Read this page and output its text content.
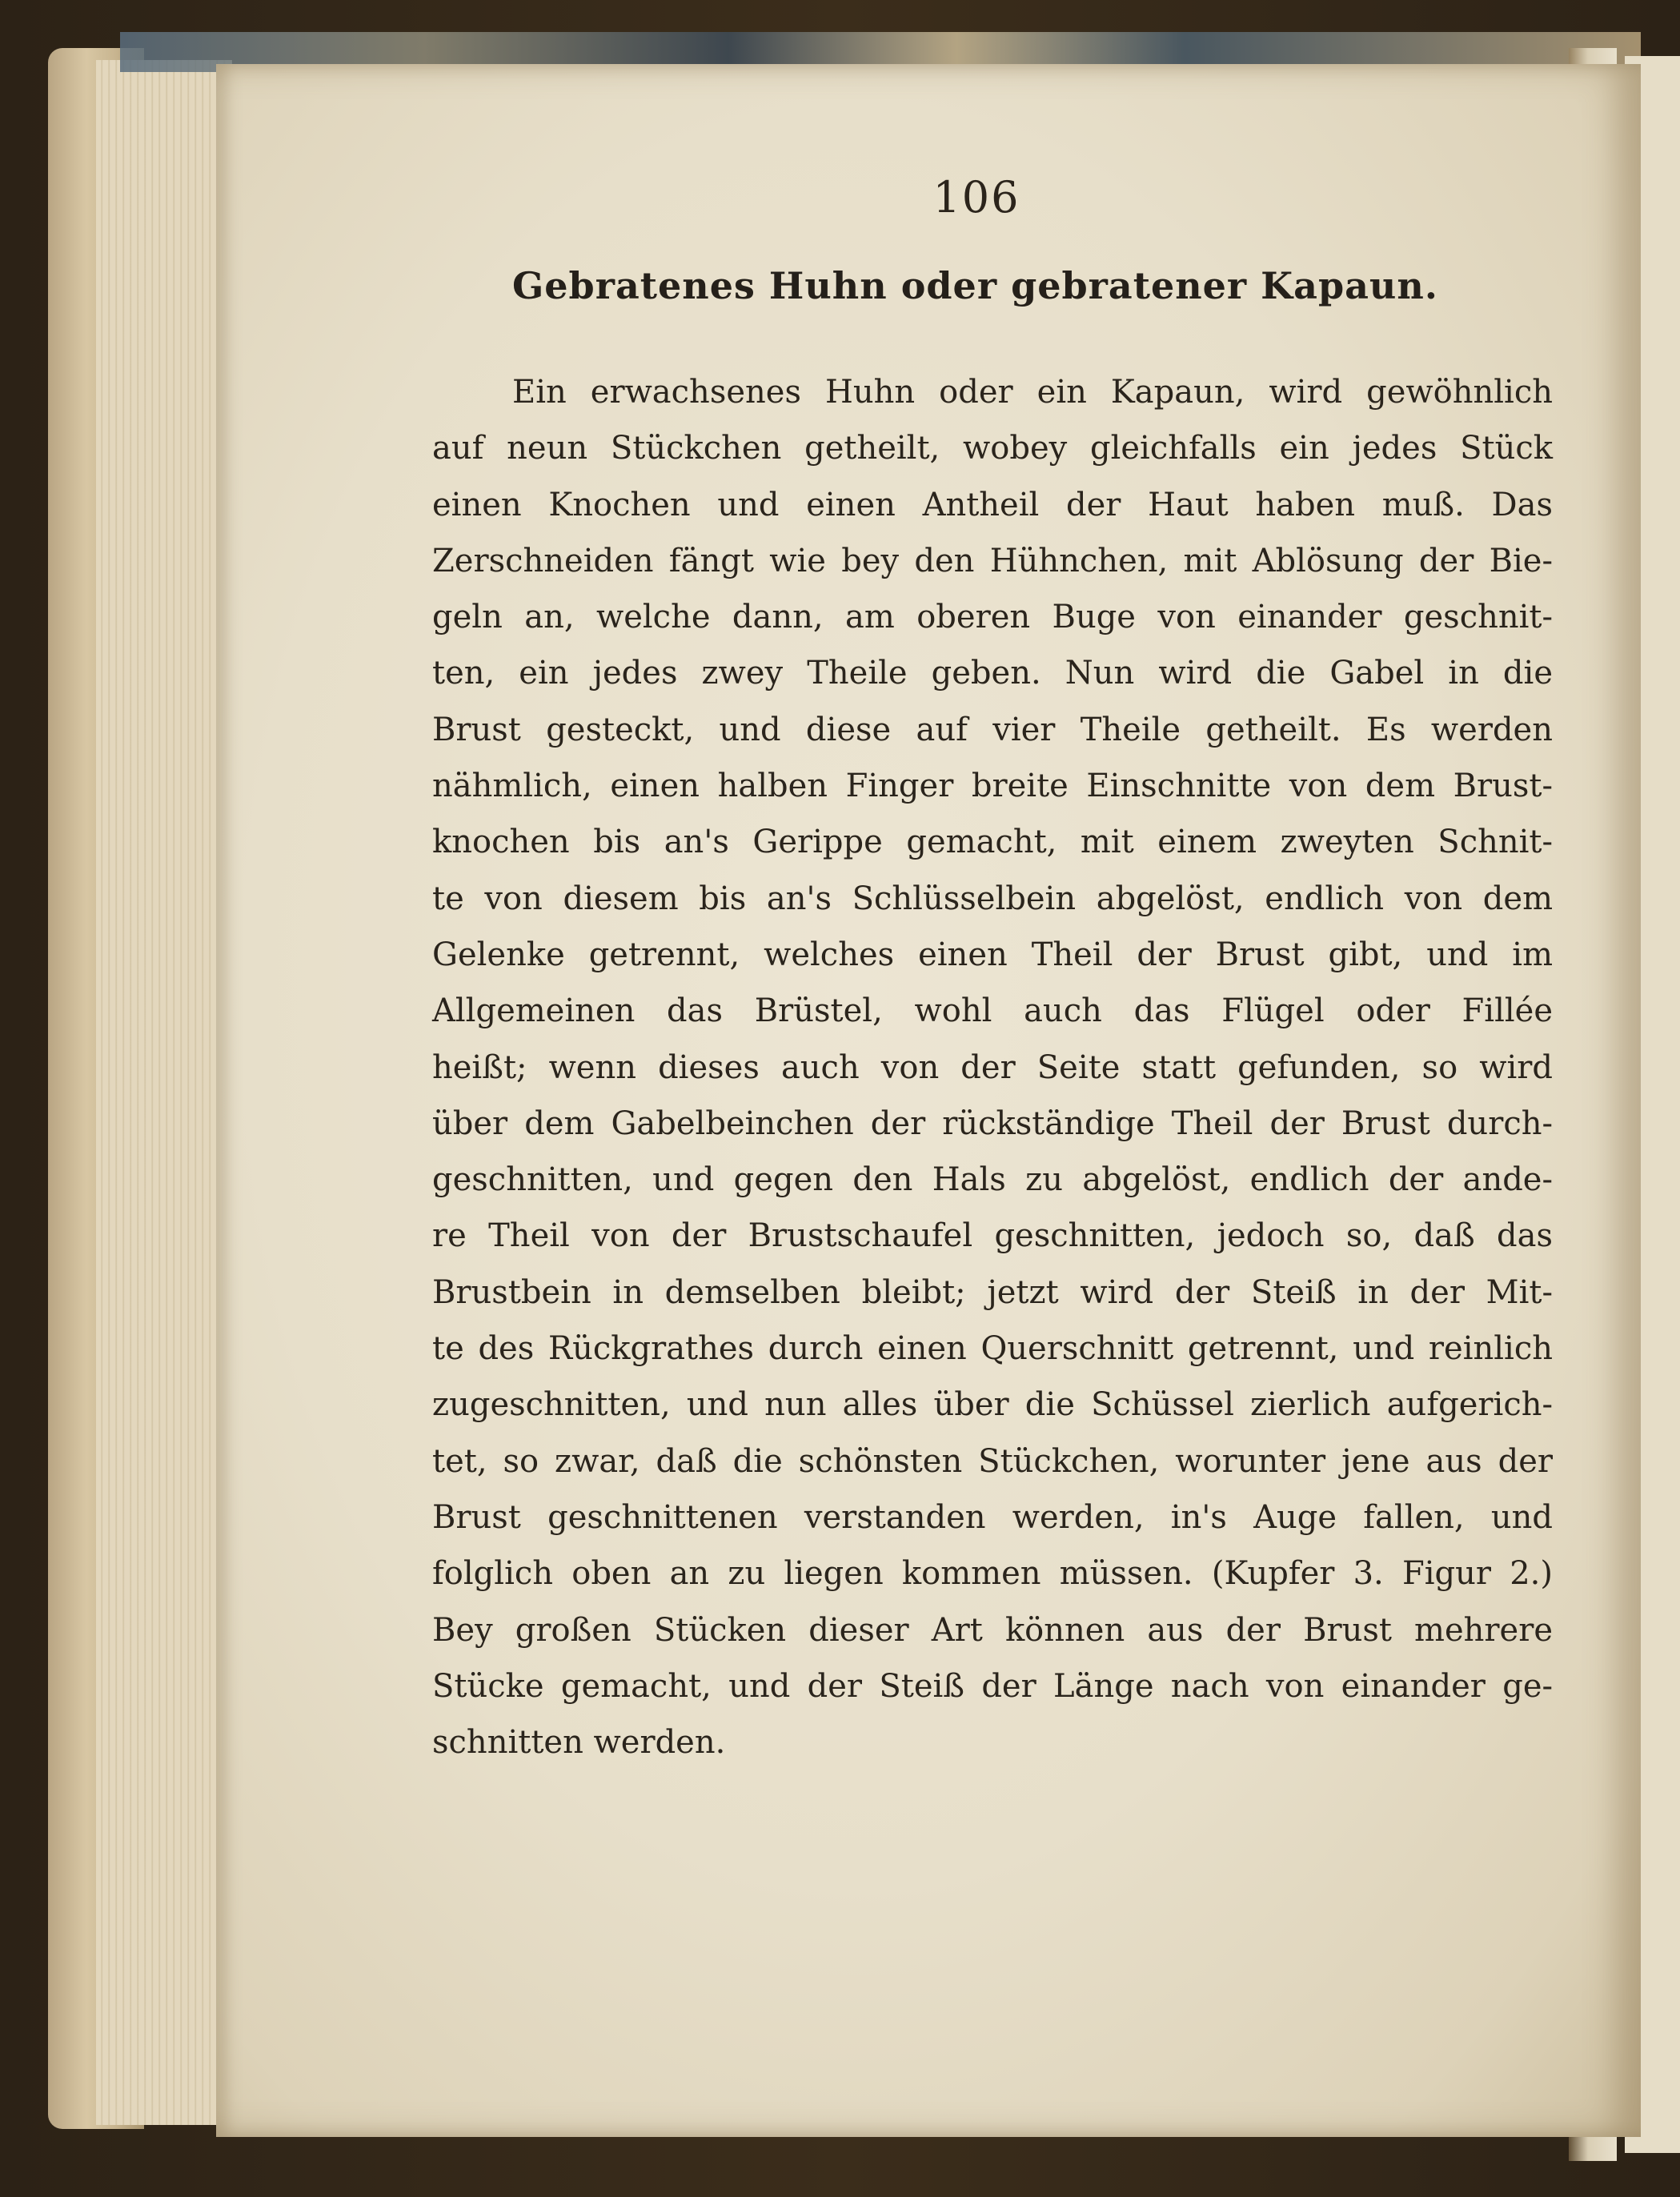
106
Gebratenes Huhn oder gebratener Kapaun.
Ein erwachsenes Huhn oder ein Kapaun, wird gewöhnlich
auf neun Stückchen getheilt, wobey gleichfalls ein jedes Stück
einen Knochen und einen Antheil der Haut haben muß. Das
Zerschneiden fängt wie bey den Hühnchen, mit Ablösung der Bie-
geln an, welche dann, am oberen Buge von einander geschnit-
ten, ein jedes zwey Theile geben. Nun wird die Gabel in die
Brust gesteckt, und diese auf vier Theile getheilt. Es werden
nähmlich, einen halben Finger breite Einschnitte von dem Brust-
knochen bis an's Gerippe gemacht, mit einem zweyten Schnit-
te von diesem bis an's Schlüsselbein abgelöst, endlich von dem
Gelenke getrennt, welches einen Theil der Brust gibt, und im
Allgemeinen das Brüstel, wohl auch das Flügel oder Fillée
heißt; wenn dieses auch von der Seite statt gefunden, so wird
über dem Gabelbeinchen der rückständige Theil der Brust durch-
geschnitten, und gegen den Hals zu abgelöst, endlich der ande-
re Theil von der Brustschaufel geschnitten, jedoch so, daß das
Brustbein in demselben bleibt; jetzt wird der Steiß in der Mit-
te des Rückgrathes durch einen Querschnitt getrennt, und reinlich
zugeschnitten, und nun alles über die Schüssel zierlich aufgerich-
tet, so zwar, daß die schönsten Stückchen, worunter jene aus der
Brust geschnittenen verstanden werden, in's Auge fallen, und
folglich oben an zu liegen kommen müssen. (Kupfer 3. Figur 2.)
Bey großen Stücken dieser Art können aus der Brust mehrere
Stücke gemacht, und der Steiß der Länge nach von einander ge-
schnitten werden.
